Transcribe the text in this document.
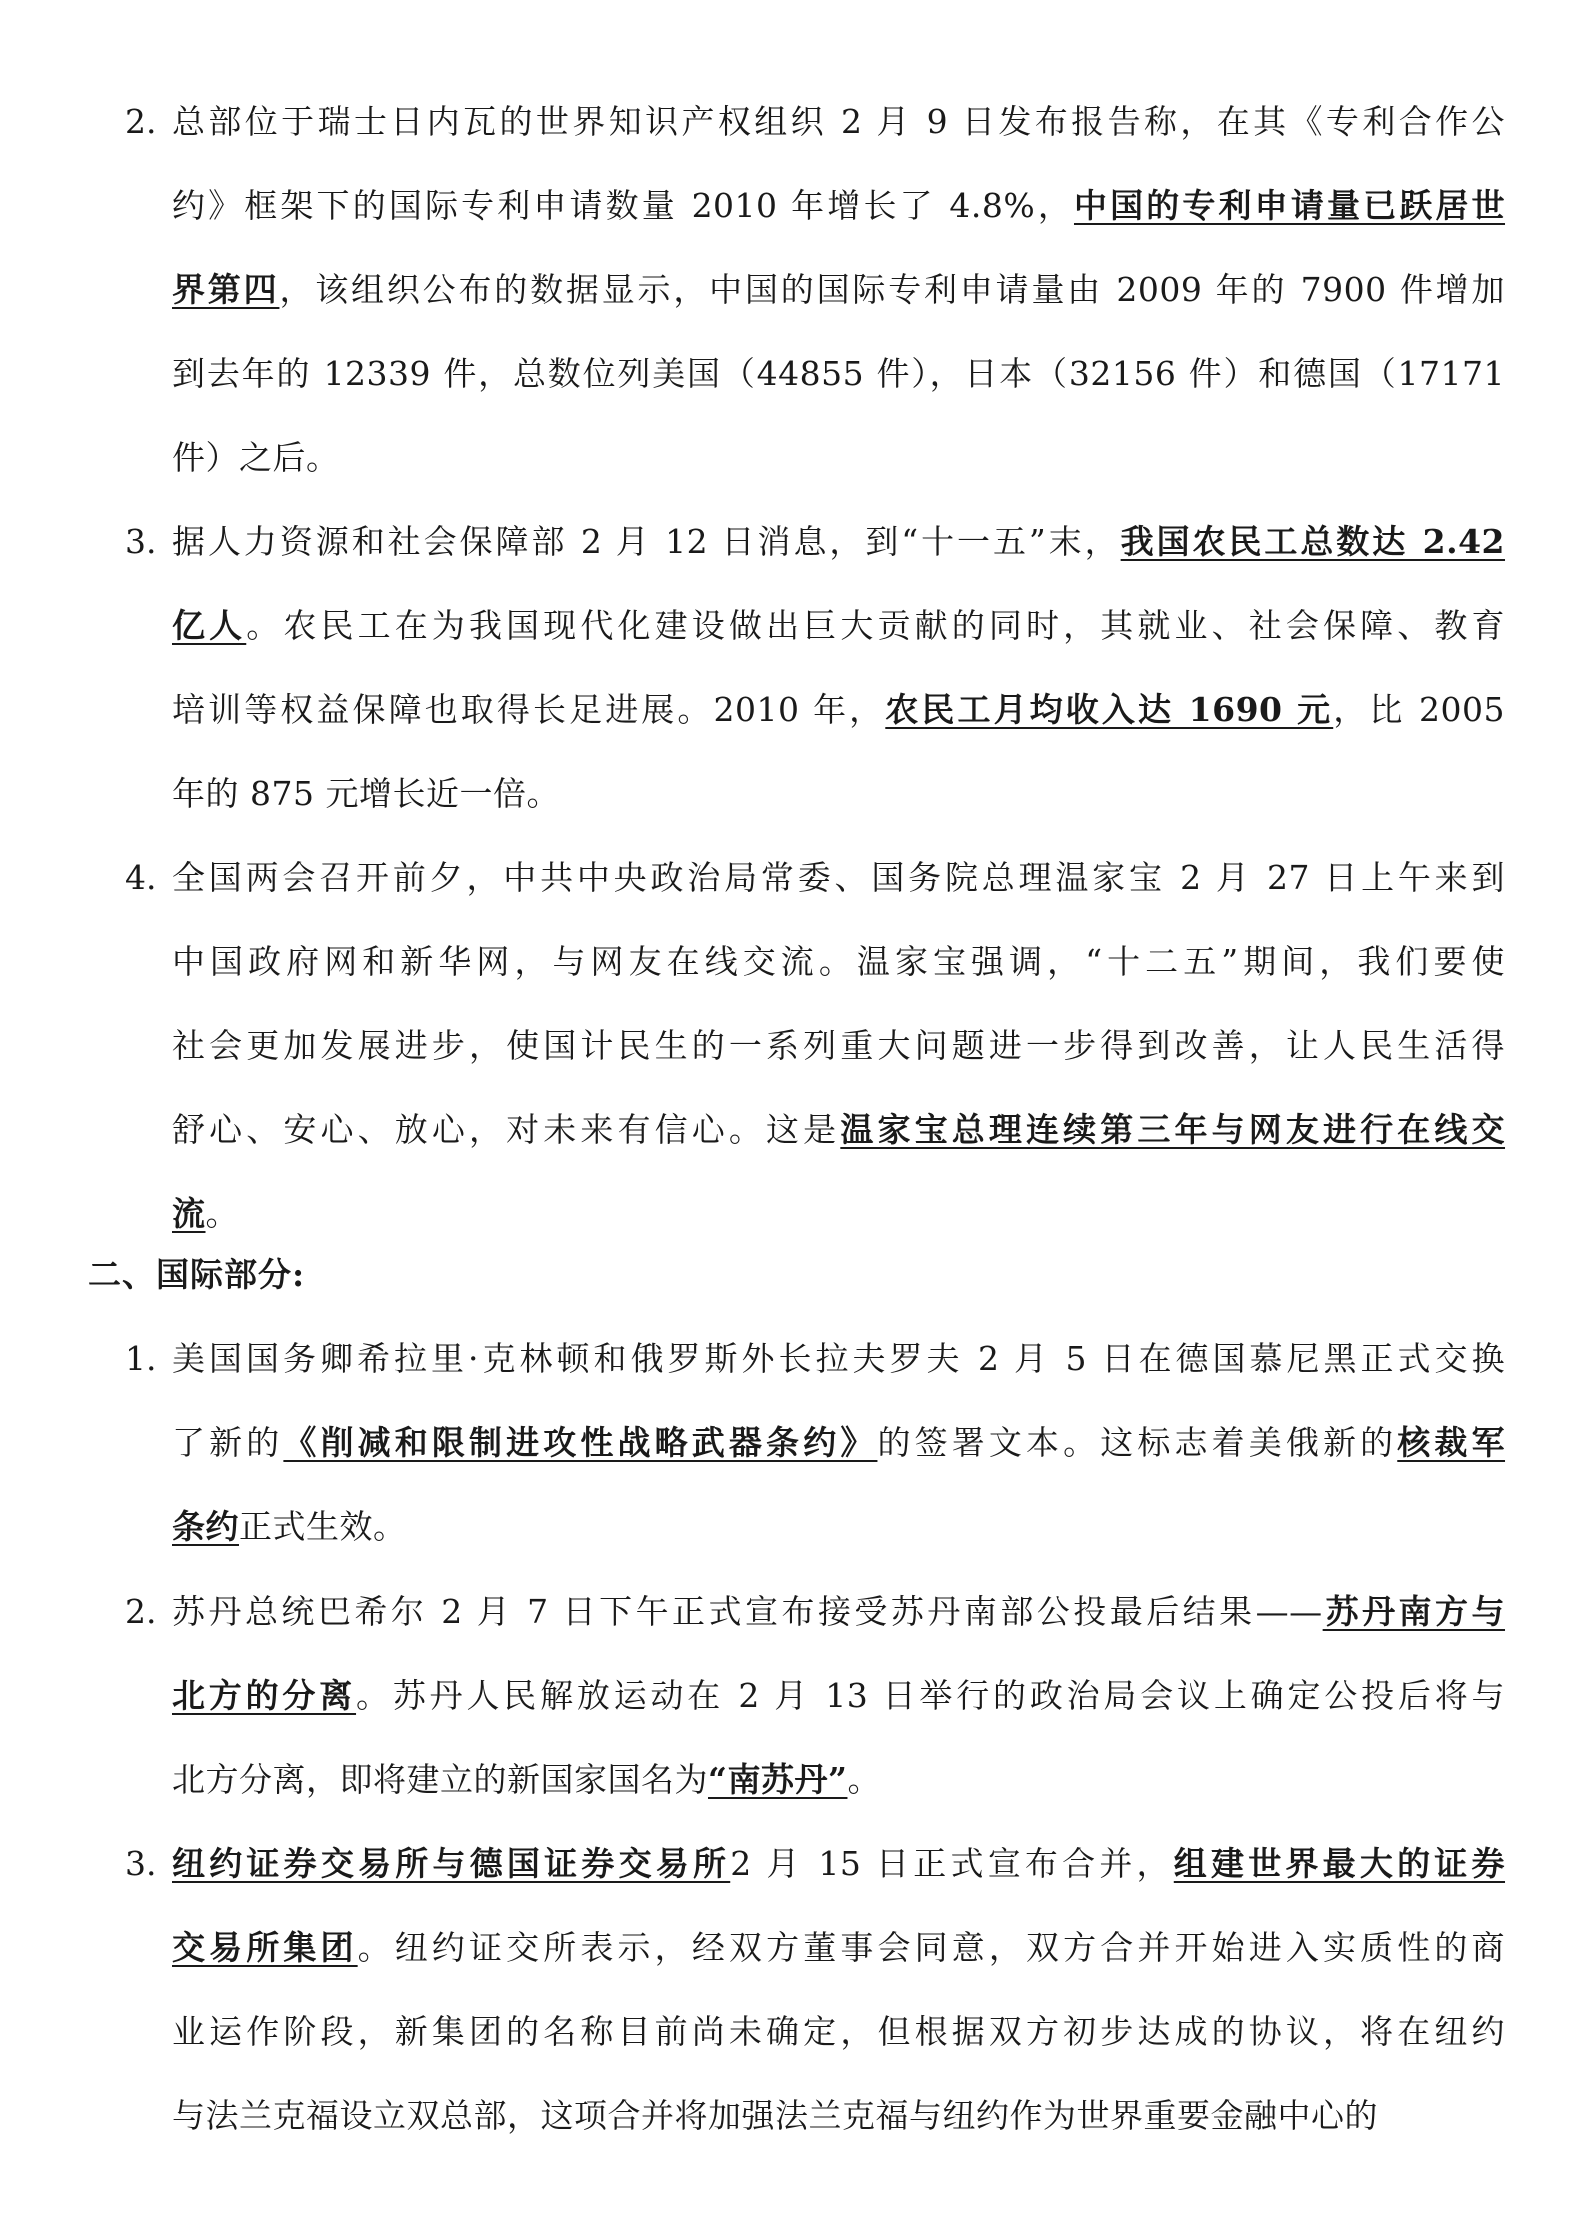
2. 总部位于瑞士日内瓦的世界知识产权组织 2 月 9 日发布报告称，在其《专利合作公
约》框架下的国际专利申请数量 2010 年增长了 4.8%，中国的专利申请量已跃居世
界第四，该组织公布的数据显示，中国的国际专利申请量由 2009 年的 7900 件增加
到去年的 12339 件，总数位列美国（44855 件），日本（32156 件）和德国（17171
件）之后。
3. 据人力资源和社会保障部 2 月 12 日消息，到“十一五”末，我国农民工总数达 2.42
亿人。农民工在为我国现代化建设做出巨大贡献的同时，其就业、社会保障、教育
培训等权益保障也取得长足进展。2010 年，农民工月均收入达 1690 元，比 2005
年的 875 元增长近一倍。
4. 全国两会召开前夕，中共中央政治局常委、国务院总理温家宝 2 月 27 日上午来到
中国政府网和新华网，与网友在线交流。温家宝强调，“十二五”期间，我们要使
社会更加发展进步，使国计民生的一系列重大问题进一步得到改善，让人民生活得
舒心、安心、放心，对未来有信心。这是温家宝总理连续第三年与网友进行在线交
流。
二、国际部分:
1. 美国国务卿希拉里·克林顿和俄罗斯外长拉夫罗夫 2 月 5 日在德国慕尼黑正式交换
了新的《削减和限制进攻性战略武器条约》的签署文本。这标志着美俄新的核裁军
条约正式生效。
2. 苏丹总统巴希尔 2 月 7 日下午正式宣布接受苏丹南部公投最后结果——苏丹南方与
北方的分离。苏丹人民解放运动在 2 月 13 日举行的政治局会议上确定公投后将与
北方分离，即将建立的新国家国名为“南苏丹”。
3. 纽约证券交易所与德国证券交易所2 月 15 日正式宣布合并，组建世界最大的证券
交易所集团。纽约证交所表示，经双方董事会同意，双方合并开始进入实质性的商
业运作阶段，新集团的名称目前尚未确定，但根据双方初步达成的协议，将在纽约
与法兰克福设立双总部，这项合并将加强法兰克福与纽约作为世界重要金融中心的
